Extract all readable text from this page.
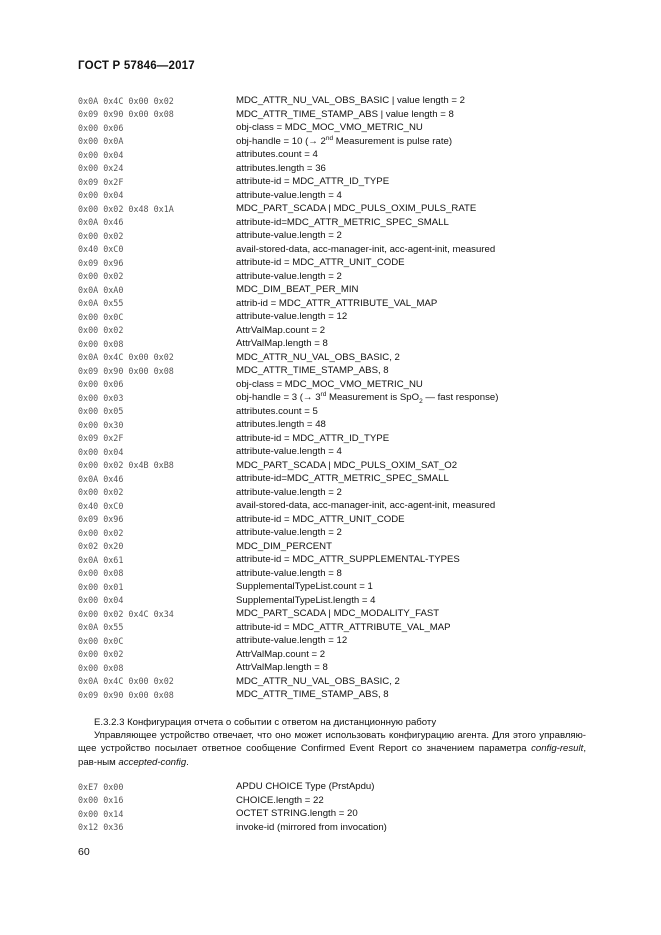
ГОСТ Р 57846—2017
0x0A 0x4C 0x00 0x02	MDC_ATTR_NU_VAL_OBS_BASIC | value length = 2
0x09 0x90 0x00 0x08	MDC_ATTR_TIME_STAMP_ABS | value length = 8
0x00 0x06	obj-class = MDC_MOC_VMO_METRIC_NU
0x00 0x0A	obj-handle = 10 (→ 2nd Measurement is pulse rate)
0x00 0x04	attributes.count = 4
0x00 0x24	attributes.length = 36
0x09 0x2F	attribute-id = MDC_ATTR_ID_TYPE
0x00 0x04	attribute-value.length = 4
0x00 0x02 0x48 0x1A	MDC_PART_SCADA | MDC_PULS_OXIM_PULS_RATE
0x0A 0x46	attribute-id=MDC_ATTR_METRIC_SPEC_SMALL
0x00 0x02	attribute-value.length = 2
0x40 0xC0	avail-stored-data, acc-manager-init, acc-agent-init, measured
0x09 0x96	attribute-id = MDC_ATTR_UNIT_CODE
0x00 0x02	attribute-value.length = 2
0x0A 0xA0	MDC_DIM_BEAT_PER_MIN
0x0A 0x55	attrib-id = MDC_ATTR_ATTRIBUTE_VAL_MAP
0x00 0x0C	attribute-value.length = 12
0x00 0x02	AttrValMap.count = 2
0x00 0x08	AttrValMap.length = 8
0x0A 0x4C 0x00 0x02	MDC_ATTR_NU_VAL_OBS_BASIC, 2
0x09 0x90 0x00 0x08	MDC_ATTR_TIME_STAMP_ABS, 8
0x00 0x06	obj-class = MDC_MOC_VMO_METRIC_NU
0x00 0x03	obj-handle = 3 (→ 3rd Measurement is SpO$_2$ — fast response)
0x00 0x05	attributes.count = 5
0x00 0x30	attributes.length = 48
0x09 0x2F	attribute-id = MDC_ATTR_ID_TYPE
0x00 0x04	attribute-value.length = 4
0x00 0x02 0x4B 0xB8	MDC_PART_SCADA | MDC_PULS_OXIM_SAT_O2
0x0A 0x46	attribute-id=MDC_ATTR_METRIC_SPEC_SMALL
0x00 0x02	attribute-value.length = 2
0x40 0xC0	avail-stored-data, acc-manager-init, acc-agent-init, measured
0x09 0x96	attribute-id = MDC_ATTR_UNIT_CODE
0x00 0x02	attribute-value.length = 2
0x02 0x20	MDC_DIM_PERCENT
0x0A 0x61	attribute-id = MDC_ATTR_SUPPLEMENTAL-TYPES
0x00 0x08	attribute-value.length = 8
0x00 0x01	SupplementalTypeList.count = 1
0x00 0x04	SupplementalTypeList.length = 4
0x00 0x02 0x4C 0x34	MDC_PART_SCADA | MDC_MODALITY_FAST
0x0A 0x55	attribute-id = MDC_ATTR_ATTRIBUTE_VAL_MAP
0x00 0x0C	attribute-value.length = 12
0x00 0x02	AttrValMap.count = 2
0x00 0x08	AttrValMap.length = 8
0x0A 0x4C 0x00 0x02	MDC_ATTR_NU_VAL_OBS_BASIC, 2
0x09 0x90 0x00 0x08	MDC_ATTR_TIME_STAMP_ABS, 8
Е.3.2.3 Конфигурация отчета о событии с ответом на дистанционную работу
Управляющее устройство отвечает, что оно может использовать конфигурацию агента. Для этого управляю-щее устройство посылает ответное сообщение Confirmed Event Report со значением параметра config-result, рав-ным accepted-config.
0xE7 0x00	APDU CHOICE Type (PrstApdu)
0x00 0x16	CHOICE.length = 22
0x00 0x14	OCTET STRING.length = 20
0x12 0x36	invoke-id (mirrored from invocation)
60
